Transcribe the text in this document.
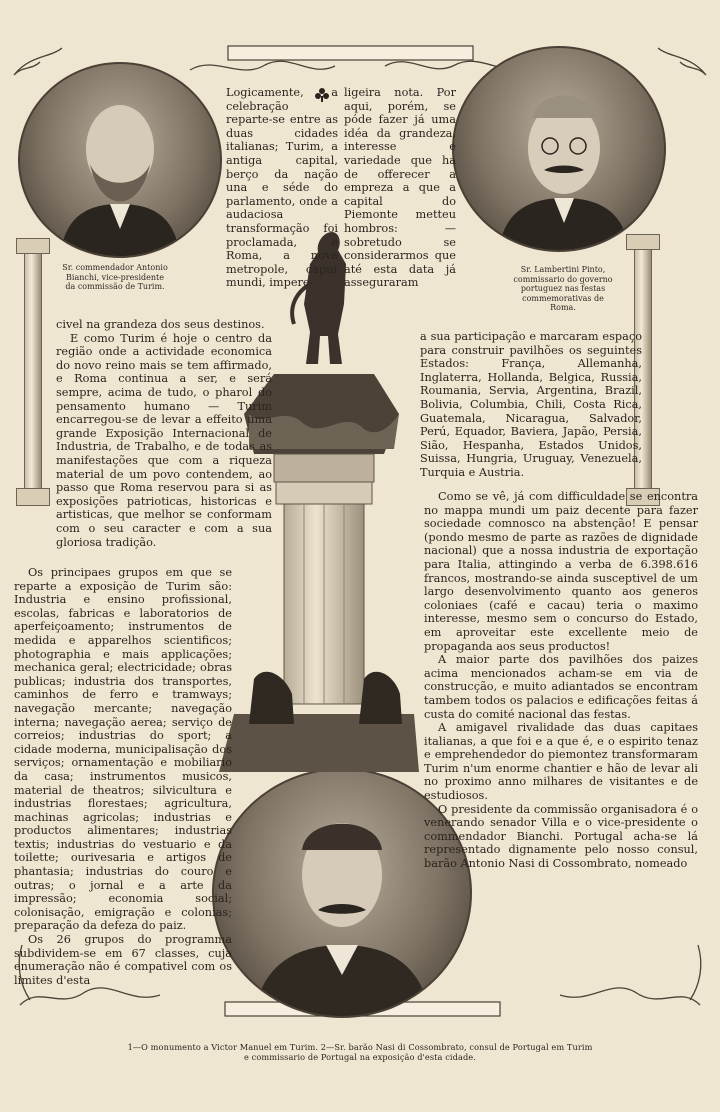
Sr. commendador Antonio Bianchi, vice-presidente da commissão de Turim.
Sr. Lambertini Pinto, commissario do governo portuguez nas festas commemorativas de Roma.

Logicamente, a celebração reparte-se entre as duas cidades italianas; Turim, a antiga capital, berço da nação una e séde do parlamento, onde a audaciosa transformação foi proclamada, e Roma, a nova metropole, caput mundi, impere-

ligeira nota. Por aqui, porém, se póde fazer já uma idéa da grandeza, interesse e variedade que ha de offerecer a empreza a que a capital do Piemonte metteu hombros: — sobretudo se considerarmos que até esta data já asseguraram

civel na grandeza dos seus destinos.

E como Turim é hoje o centro da região onde a actividade economica do novo reino mais se tem affirmado, e Roma continua a ser, e será sempre, acima de tudo, o pharol do pensamento humano — Turim encarregou-se de levar a effeito uma grande Exposição Internacional de Industria, de Trabalho, e de todas as manifestações que com a riqueza material de um povo contendem, ao passo que Roma reservou para si as exposições patrioticas, historicas e artisticas, que melhor se conformam com o seu caracter e com a sua gloriosa tradição.

Os principaes grupos em que se reparte a exposição de Turim são: Industria e ensino profissional, escolas, fabricas e laboratorios de aperfeiçoamento; instrumentos de medida e apparelhos scientificos; photographia e mais applicações; mechanica geral; electricidade; obras publicas; industria dos transportes, caminhos de ferro e tramways; navegação mercante; navegação interna; navegação aerea; serviço de correios; industrias do sport; a cidade moderna, municipalisação dos serviços; ornamentação e mobiliario da casa; instrumentos musicos, material de theatros; silvicultura e industrias florestaes; agricultura, machinas agricolas; industrias e productos alimentares; industrias textis; industrias do vestuario e da toilette; ourivesaria e artigos de phantasia; industrias do couro e outras; o jornal e a arte da impressão; economia social; colonisação, emigração e colonias; preparação da defeza do paiz.

Os 26 grupos do programma subdividem-se em 67 classes, cuja enumeração não é compativel com os limites d'esta

a sua participação e marcaram espaço para construir pavilhões os seguintes Estados: França, Allemanha, Inglaterra, Hollanda, Belgica, Russia, Roumania, Servia, Argentina, Brazil, Bolivia, Columbia, Chili, Costa Rica, Guatemala, Nicaragua, Salvador, Perú, Equador, Baviera, Japão, Persia, Sião, Hespanha, Estados Unidos, Suissa, Hungria, Uruguay, Venezuela, Turquia e Austria.

Como se vê, já com difficuldade se encontra no mappa mundi um paiz decente para fazer sociedade comnosco na abstenção! E pensar (pondo mesmo de parte as razões de dignidade nacional) que a nossa industria de exportação para Italia, attingindo a verba de 6.398.616 francos, mostrando-se ainda susceptivel de um largo desenvolvimento quanto aos generos coloniaes (café e cacau) teria o maximo interesse, mesmo sem o concurso do Estado, em aproveitar este excellente meio de propaganda aos seus productos!

A maior parte dos pavilhões dos paizes acima mencionados acham-se em via de construcção, e muito adiantados se encontram tambem todos os palacios e edificações feitas á custa do comité nacional das festas.

A amigavel rivalidade das duas capitaes italianas, a que foi e a que é, e o espirito tenaz e emprehendedor do piemontez transformaram Turim n'um enorme chantier e hão de levar ali no proximo anno milhares de visitantes e de estudiosos.

O presidente da commissão organisadora é o venerando senador Villa e o vice-presidente o commendador Bianchi. Portugal acha-se lá representado dignamente pelo nosso consul, barão Antonio Nasi di Cossombrato, nomeado

1—O monumento a Victor Manuel em Turim. 2—Sr. barão Nasi di Cossombrato, consul de Portugal em Turim
e commissario de Portugal na exposição d'esta cidade.
